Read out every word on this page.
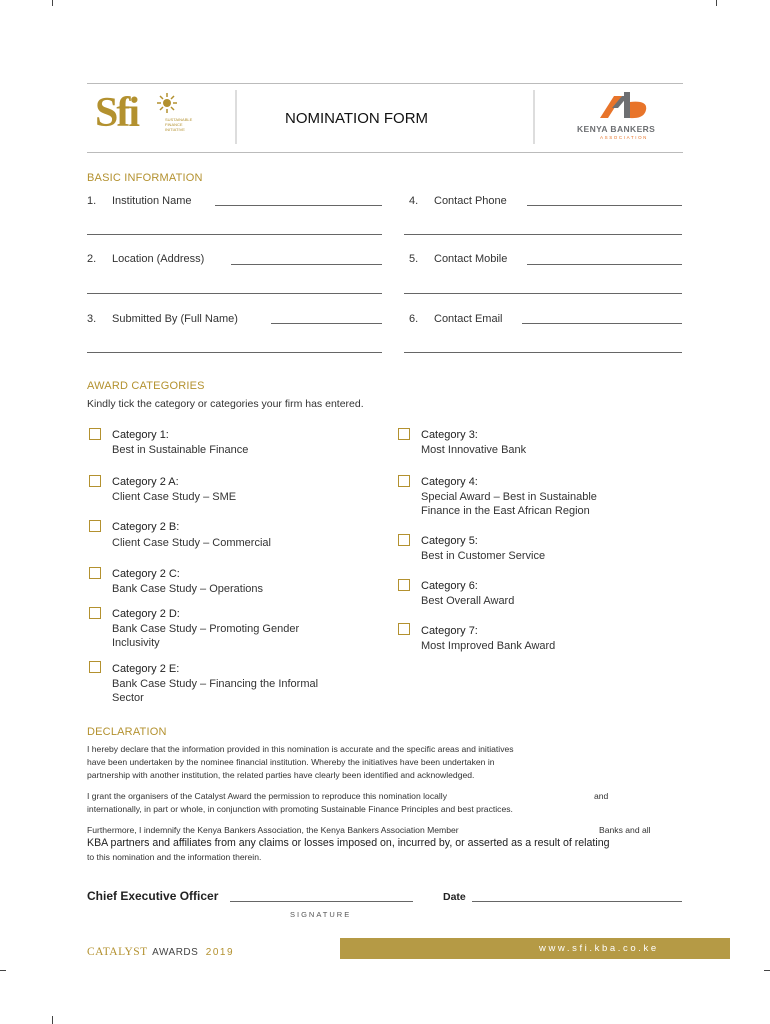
Sfi	SUSTAINABLE FINANCE INITIATIVE
NOMINATION FORM
KENYA BANKERS
ASSOCIATION
BASIC INFORMATION
1. Institution Name
2. Location (Address)
3. Submitted By (Full Name)
4. Contact Phone
5. Contact Mobile
6. Contact Email
AWARD CATEGORIES
Kindly tick the category or categories your firm has entered.
Category 1:
Best in Sustainable Finance
Category 2 A:
Client Case Study – SME
Category 2 B:
Client Case Study – Commercial
Category 2 C:
Bank Case Study – Operations
Category 2 D:
Bank Case Study – Promoting Gender
Inclusivity
Category 2 E:
Bank Case Study – Financing the Informal
Sector
Category 3:
Most Innovative Bank
Category 4:
Special Award – Best in Sustainable
Finance in the East African Region
Category 5:
Best in Customer Service
Category 6:
Best Overall Award
Category 7:
Most Improved Bank Award
DECLARATION
I hereby declare that the information provided in this nomination is accurate and the specific areas and initiatives
have been undertaken by the nominee financial institution. Whereby the initiatives have been undertaken in
partnership with another institution, the related parties have clearly been identified and acknowledged.
I grant the organisers of the Catalyst Award the permission to reproduce this nomination locally	and
internationally, in part or whole, in conjunction with promoting Sustainable Finance Principles and best practices.
Furthermore, I indemnify the Kenya Bankers Association, the Kenya Bankers Association Member	Banks and all
KBA partners and affiliates from any claims or losses imposed on, incurred by, or asserted as a result of relating
to this nomination and the information therein.
Chief Executive Officer	Date
SIGNATURE
CATALYST AWARDS 2019	www.sfi.kba.co.ke
